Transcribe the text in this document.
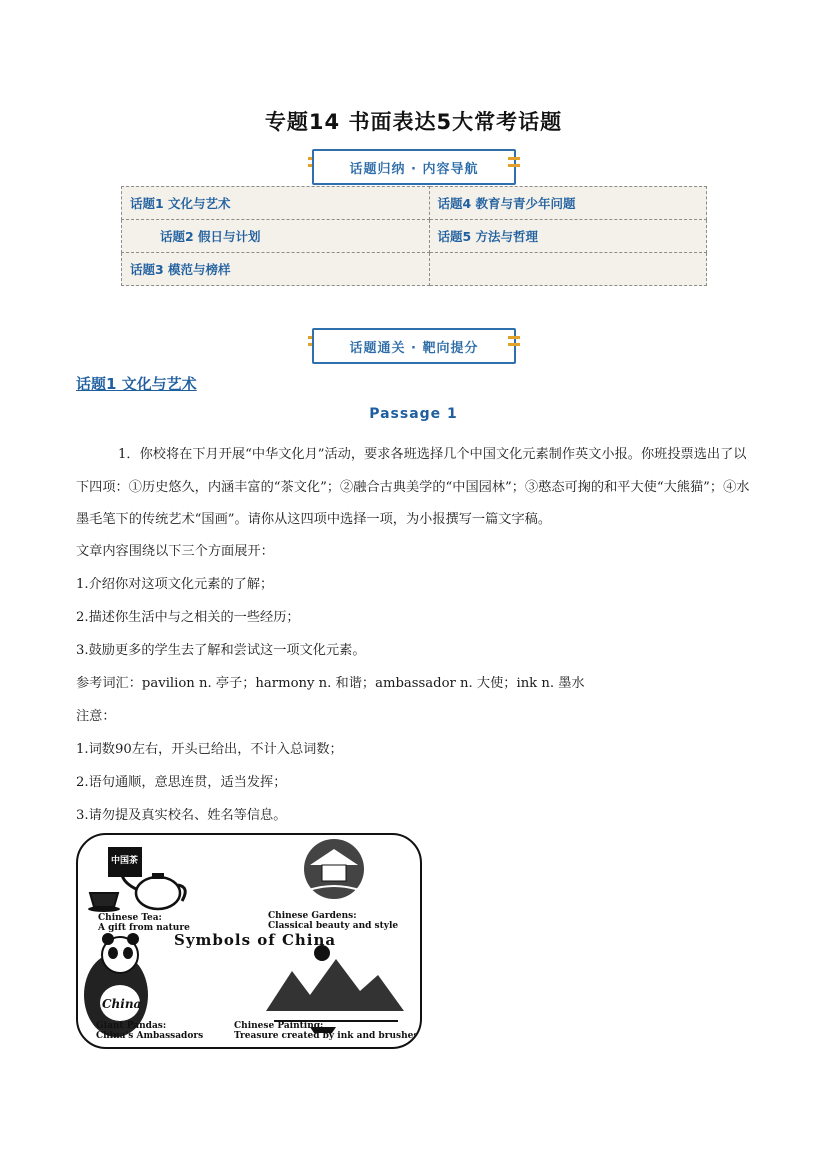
专题14 书面表达5大常考话题
话题归纳 · 内容导航
话题1 文化与艺术	话题4 教育与青少年问题
话题2 假日与计划	话题5 方法与哲理
话题3 模范与榜样	
话题通关 · 靶向提分
话题1 文化与艺术
Passage 1
1．你校将在下月开展“中华文化月”活动，要求各班选择几个中国文化元素制作英文小报。你班投票选出了以下四项：①历史悠久，内涵丰富的“茶文化”；②融合古典美学的“中国园林”；③憨态可掬的和平大使“大熊猫”；④水墨毛笔下的传统艺术“国画”。请你从这四项中选择一项，为小报撰写一篇文字稿。
文章内容围绕以下三个方面展开：
1.介绍你对这项文化元素的了解；
2.描述你生活中与之相关的一些经历；
3.鼓励更多的学生去了解和尝试这一项文化元素。
参考词汇：pavilion n. 亭子；harmony n. 和谐；ambassador n. 大使；ink n. 墨水
注意：
1.词数90左右，开头已给出，不计入总词数；
2.语句通顺，意思连贯，适当发挥；
3.请勿提及真实校名、姓名等信息。
中国茶
Chinese Tea:
A gift from nature
Chinese Gardens:
Classical beauty and style
Symbols of China
China
Giant Pandas:
China's Ambassadors
Chinese Painting:
Treasure created by ink and brushes
